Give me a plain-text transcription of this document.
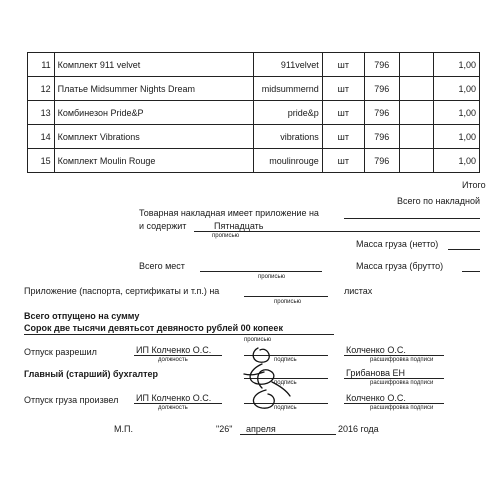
11	Комплект 911 velvet	911velvet	шт	796		1,00
12	Платье Midsummer Nights Dream	midsummernd	шт	796		1,00
13	Комбинезон Pride&P	pride&p	шт	796		1,00
14	Комплект Vibrations	vibrations	шт	796		1,00
15	Комплект Moulin Rouge	moulinrouge	шт	796		1,00
Итого
Всего по накладной
Товарная накладная имеет приложение на
и содержит	Пятнадцать
прописью
Масса груза (нетто)
Всего мест
прописью
Масса груза (брутто)
Приложение (паспорта, сертификаты и т.п.) на
прописью
листах
Всего отпущено на сумму
Сорок две тысячи девятьсот девяносто рублей 00 копеек
прописью
Отпуск разрешил	ИП Колченко О.С.
должность	подпись
Колченко О.С.
расшифровка подписи
Главный (старший) бухгалтер
подпись
Грибанова ЕН
расшифровка подписи
Отпуск груза произвел ИП Колченко О.С.
должность	подпись
Колченко О.С.
расшифровка подписи
М.П.	"26" апреля	2016 года
